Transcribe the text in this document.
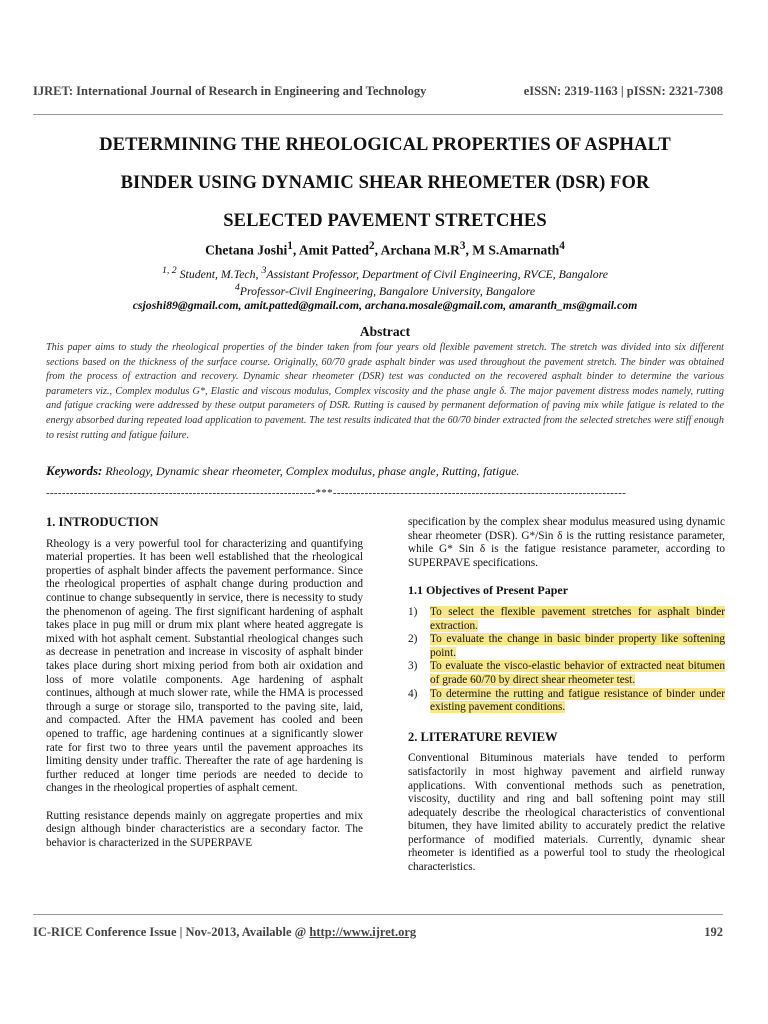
IJRET: International Journal of Research in Engineering and Technology	eISSN: 2319-1163 | pISSN: 2321-7308
DETERMINING THE RHEOLOGICAL PROPERTIES OF ASPHALT
BINDER USING DYNAMIC SHEAR RHEOMETER (DSR) FOR
SELECTED PAVEMENT STRETCHES
Chetana Joshi$^1$, Amit Patted$^2$, Archana $M.R^3$, M S.Amarnath$^4$
$^{1, 2}$ Student, M.Tech, $^3$Assistant Professor, Department of Civil Engineering, RVCE, Bangalore
$^4$Professor-Civil Engineering, Bangalore University, Bangalore
csjoshi89@gmail.com, amit.patted@gmail.com, archana.mosale@gmail.com, amaranth_ms@gmail.com
Abstract
This paper aims to study the rheological properties of the binder taken from four years old flexible pavement stretch. The stretch was divided into six different sections based on the thickness of the surface course. Originally, 60/70 grade asphalt binder was used throughout the pavement stretch. The binder was obtained from the process of extraction and recovery. Dynamic shear rheometer (DSR) test was conducted on the recovered asphalt binder to determine the various parameters viz., Complex modulus G*, Elastic and viscous modulus, Complex viscosity and the phase angle δ. The major pavement distress modes namely, rutting and fatigue cracking were addressed by these output parameters of DSR. Rutting is caused by permanent deformation of paving mix while fatigue is related to the energy absorbed during repeated load application to pavement. The test results indicated that the 60/70 binder extracted from the selected stretches were stiff enough to resist rutting and fatigue failure.
Keywords: Rheology, Dynamic shear rheometer, Complex modulus, phase angle, Rutting, fatigue.
--------------------------------------------------------------------***--------------------------------------------------------------------------
1. INTRODUCTION

Rheology is a very powerful tool for characterizing and quantifying material properties. It has been well established that the rheological properties of asphalt binder affects the pavement performance. Since the rheological properties of asphalt change during production and continue to change subsequently in service, there is necessity to study the phenomenon of ageing. The first significant hardening of asphalt takes place in pug mill or drum mix plant where heated aggregate is mixed with hot asphalt cement. Substantial rheological changes such as decrease in penetration and increase in viscosity of asphalt binder takes place during short mixing period from both air oxidation and loss of more volatile components. Age hardening of asphalt continues, although at much slower rate, while the HMA is processed through a surge or storage silo, transported to the paving site, laid, and compacted. After the HMA pavement has cooled and been opened to traffic, age hardening continues at a significantly slower rate for first two to three years until the pavement approaches its limiting density under traffic. Thereafter the rate of age hardening is further reduced at longer time periods are needed to decide to changes in the rheological properties of asphalt cement.

Rutting resistance depends mainly on aggregate properties and mix design although binder characteristics are a secondary factor. The behavior is characterized in the SUPERPAVE

specification by the complex shear modulus measured using dynamic shear rheometer (DSR). G*/Sin δ is the rutting resistance parameter, while G* Sin δ is the fatigue resistance parameter, according to SUPERPAVE specifications.

1.1 Objectives of Present Paper
1)	To select the flexible pavement stretches for asphalt binder extraction.
2)	To evaluate the change in basic binder property like softening point.
3)	To evaluate the visco-elastic behavior of extracted neat bitumen of grade 60/70 by direct shear rheometer test.
4)	To determine the rutting and fatigue resistance of binder under existing pavement conditions.
2. LITERATURE REVIEW

Conventional Bituminous materials have tended to perform satisfactorily in most highway pavement and airfield runway applications. With conventional methods such as penetration, viscosity, ductility and ring and ball softening point may still adequately describe the rheological characteristics of conventional bitumen, they have limited ability to accurately predict the relative performance of modified materials. Currently, dynamic shear rheometer is identified as a powerful tool to study the rheological characteristics.

IC-RICE Conference Issue | Nov-2013, Available @ http://www.ijret.org	192
